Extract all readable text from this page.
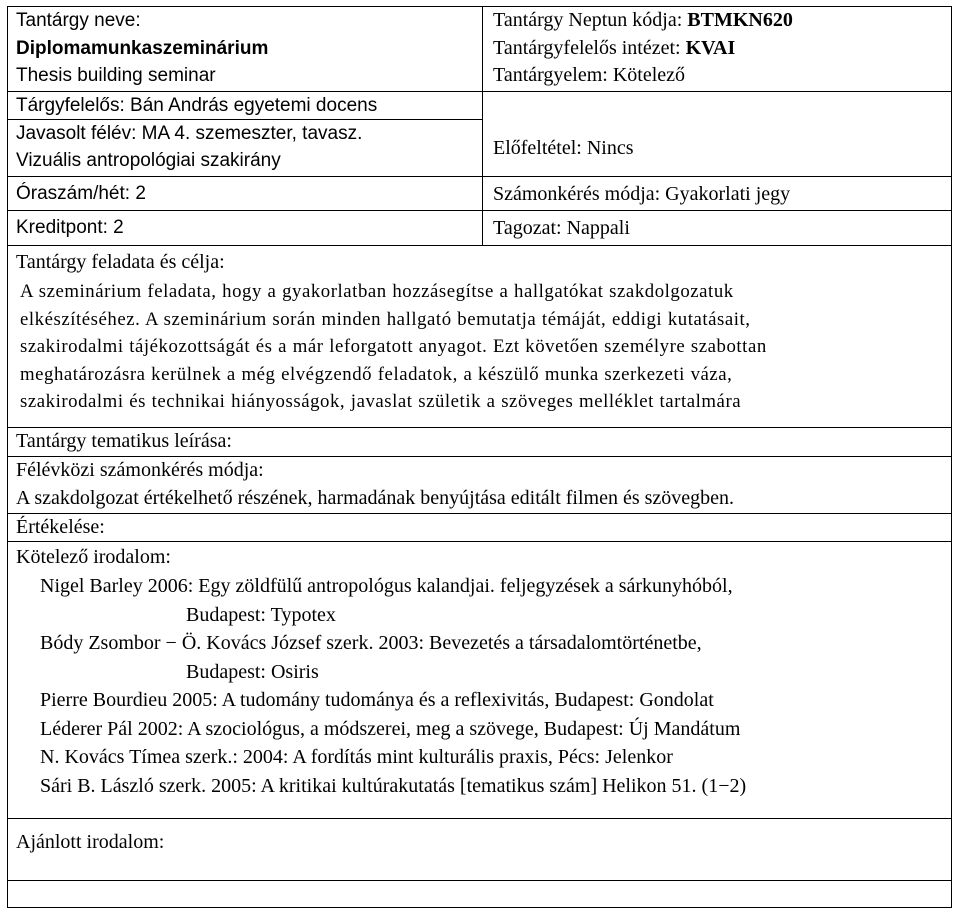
Tantárgy neve:
Diplomamunkaszeminárium
Thesis building seminar
Tárgyfelelős: Bán András egyetemi docens
Javasolt félév: MA 4. szemeszter, tavasz.
Vizuális antropológiai szakirány
Óraszám/hét: 2
Kreditpont: 2
Tantárgy Neptun kódja: BTMKN620
Tantárgyfelelős intézet: KVAI
Tantárgyelem: Kötelező
Előfeltétel: Nincs
Számonkérés módja: Gyakorlati jegy
Tagozat: Nappali
Tantárgy feladata és célja:

A szeminárium feladata, hogy a gyakorlatban hozzásegítse a hallgatókat szakdolgozatuk

elkészítéséhez. A szeminárium során minden hallgató bemutatja témáját, eddigi kutatásait,

szakirodalmi tájékozottságát és a már leforgatott anyagot. Ezt követően személyre szabottan

meghatározásra kerülnek a még elvégzendő feladatok, a készülő munka szerkezeti váza,

szakirodalmi és technikai hiányosságok, javaslat születik a szöveges melléklet tartalmára

Tantárgy tematikus leírása:
Félévközi számonkérés módja:
A szakdolgozat értékelhető részének, harmadának benyújtása editált filmen és szövegben.
Értékelése:
Kötelező irodalom:
Nigel Barley 2006: Egy zöldfülű antropológus kalandjai. feljegyzések a sárkunyhóból,
Budapest: Typotex
Bódy Zsombor − Ö. Kovács József szerk. 2003: Bevezetés a társadalomtörténetbe,
Budapest: Osiris
Pierre Bourdieu 2005: A tudomány tudománya és a reflexivitás, Budapest: Gondolat
Léderer Pál 2002: A szociológus, a módszerei, meg a szövege, Budapest: Új Mandátum
N. Kovács Tímea szerk.: 2004: A fordítás mint kulturális praxis, Pécs: Jelenkor
Sári B. László szerk. 2005: A kritikai kultúrakutatás [tematikus szám] Helikon 51. (1−2)
Ajánlott irodalom:
